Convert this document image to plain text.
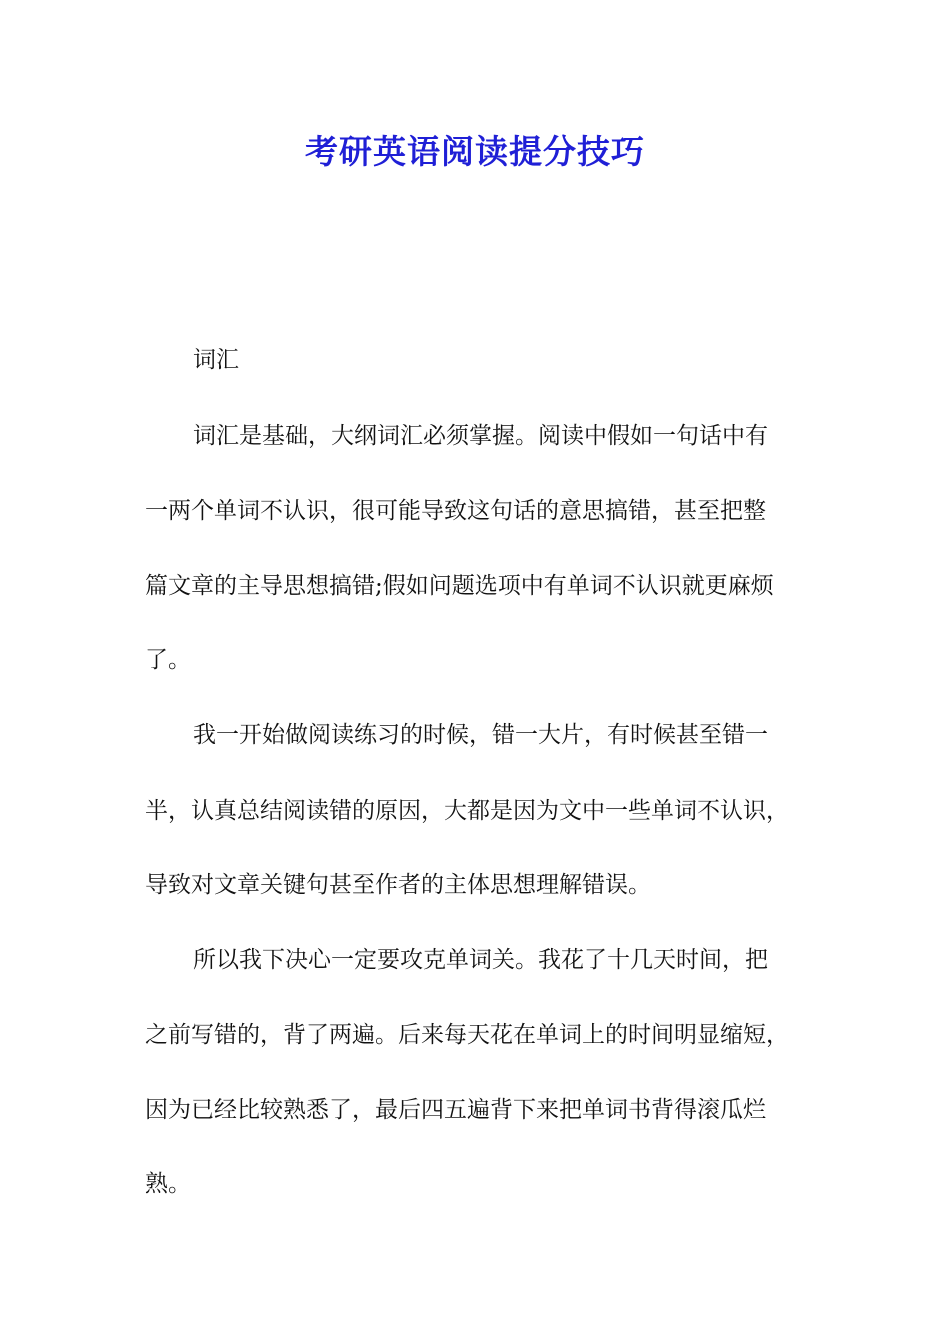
考研英语阅读提分技巧
词汇
词汇是基础，大纲词汇必须掌握。阅读中假如一句话中有
一两个单词不认识，很可能导致这句话的意思搞错，甚至把整
篇文章的主导思想搞错;假如问题选项中有单词不认识就更麻烦
了。
我一开始做阅读练习的时候，错一大片，有时候甚至错一
半，认真总结阅读错的原因，大都是因为文中一些单词不认识，
导致对文章关键句甚至作者的主体思想理解错误。
所以我下决心一定要攻克单词关。我花了十几天时间，把
之前写错的，背了两遍。后来每天花在单词上的时间明显缩短，
因为已经比较熟悉了，最后四五遍背下来把单词书背得滚瓜烂
熟。
